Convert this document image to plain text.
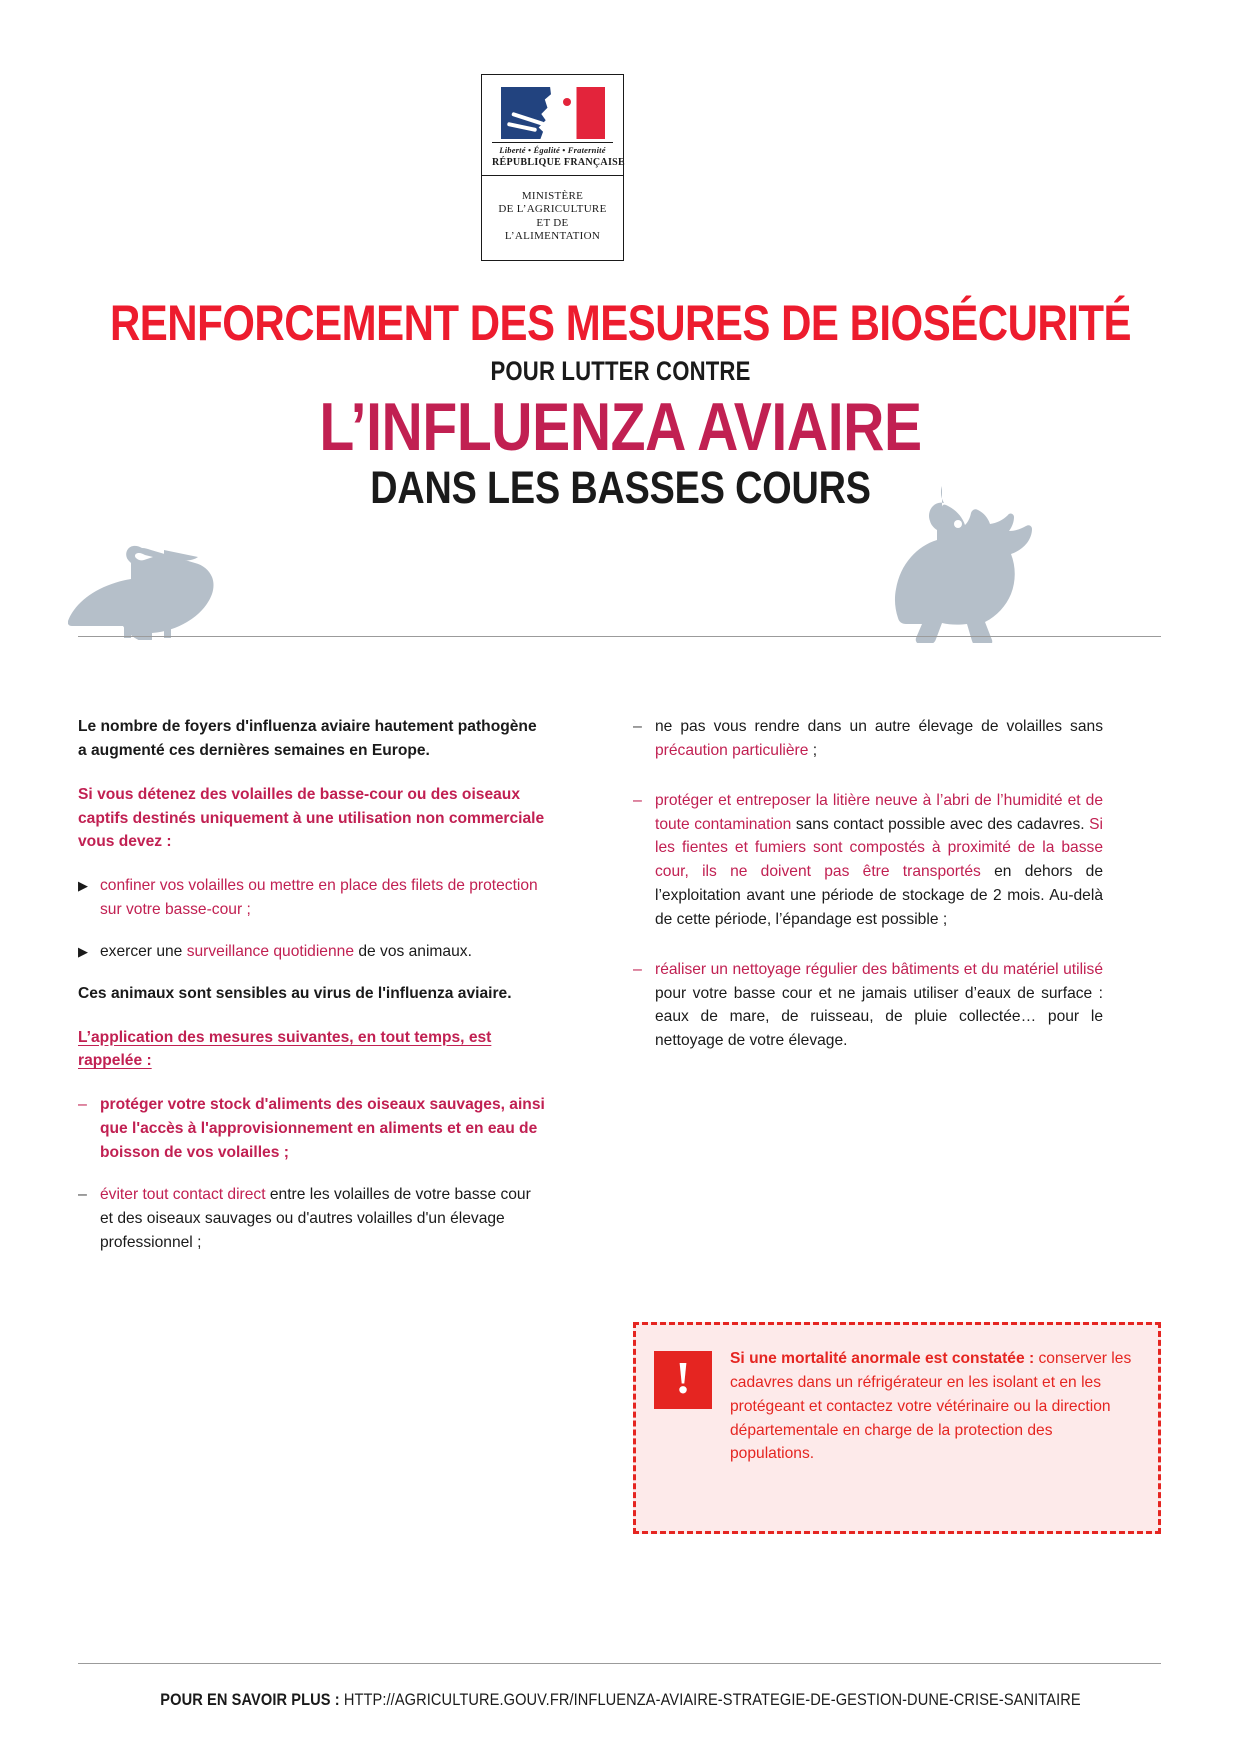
Liberté • Égalité • Fraternité
RÉPUBLIQUE FRANÇAISE
MINISTÈRE
DE L’AGRICULTURE
ET DE
L’ALIMENTATION
RENFORCEMENT DES MESURES DE BIOSÉCURITÉ
POUR LUTTER CONTRE
L’INFLUENZA AVIAIRE
DANS LES BASSES COURS

Le nombre de foyers d'influenza aviaire hautement pathogène a augmenté ces dernières semaines en Europe.

Si vous détenez des volailles de basse-cour ou des oiseaux captifs destinés uniquement à une utilisation non commerciale vous devez :

▶ confiner vos volailles ou mettre en place des filets de protection sur votre basse-cour ;
▶ exercer une surveillance quotidienne de vos animaux.

Ces animaux sont sensibles au virus de l'influenza aviaire.

L’application des mesures suivantes, en tout temps, est rappelée :

– protéger votre stock d'aliments des oiseaux sauvages, ainsi que l'accès à l'approvisionnement en aliments et en eau de boisson de vos volailles ;
– éviter tout contact direct entre les volailles de votre basse cour et des oiseaux sauvages ou d'autres volailles d'un élevage professionnel ;
– ne pas vous rendre dans un autre élevage de volailles sans précaution particulière ;
– protéger et entreposer la litière neuve à l’abri de l’humidité et de toute contamination sans contact possible avec des cadavres. Si les fientes et fumiers sont compostés à proximité de la basse cour, ils ne doivent pas être transportés en dehors de l’exploitation avant une période de stockage de 2 mois. Au-delà de cette période, l’épandage est possible ;
– réaliser un nettoyage régulier des bâtiments et du matériel utilisé pour votre basse cour et ne jamais utiliser d’eaux de surface : eaux de mare, de ruisseau, de pluie collectée… pour le nettoyage de votre élevage.
!	Si une mortalité anormale est constatée : conserver les cadavres dans un réfrigérateur en les isolant et en les protégeant et contactez votre vétérinaire ou la direction départementale en charge de la protection des populations.
POUR EN SAVOIR PLUS : HTTP://AGRICULTURE.GOUV.FR/INFLUENZA-AVIAIRE-STRATEGIE-DE-GESTION-DUNE-CRISE-SANITAIRE
